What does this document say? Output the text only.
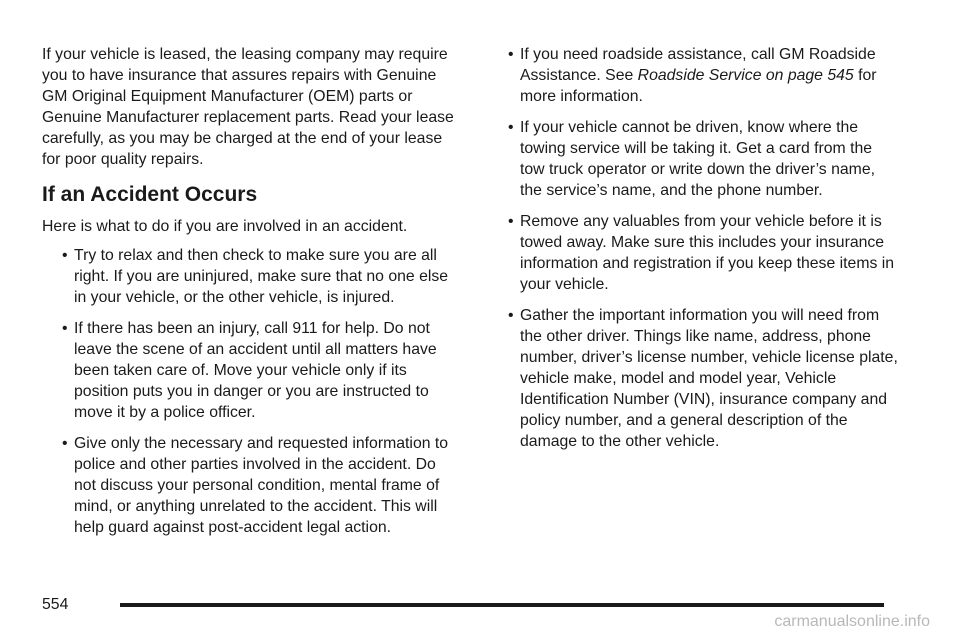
If your vehicle is leased, the leasing company may require you to have insurance that assures repairs with Genuine GM Original Equipment Manufacturer (OEM) parts or Genuine Manufacturer replacement parts. Read your lease carefully, as you may be charged at the end of your lease for poor quality repairs.

If an Accident Occurs

Here is what to do if you are involved in an accident.

• Try to relax and then check to make sure you are all right. If you are uninjured, make sure that no one else in your vehicle, or the other vehicle, is injured.
• If there has been an injury, call 911 for help. Do not leave the scene of an accident until all matters have been taken care of. Move your vehicle only if its position puts you in danger or you are instructed to move it by a police officer.
• Give only the necessary and requested information to police and other parties involved in the accident. Do not discuss your personal condition, mental frame of mind, or anything unrelated to the accident. This will help guard against post-accident legal action.
• If you need roadside assistance, call GM Roadside Assistance. See Roadside Service on page 545 for more information.
• If your vehicle cannot be driven, know where the towing service will be taking it. Get a card from the tow truck operator or write down the driver’s name, the service’s name, and the phone number.
• Remove any valuables from your vehicle before it is towed away. Make sure this includes your insurance information and registration if you keep these items in your vehicle.
• Gather the important information you will need from the other driver. Things like name, address, phone number, driver’s license number, vehicle license plate, vehicle make, model and model year, Vehicle Identification Number (VIN), insurance company and policy number, and a general description of the damage to the other vehicle.
554
carmanualsonline.info
